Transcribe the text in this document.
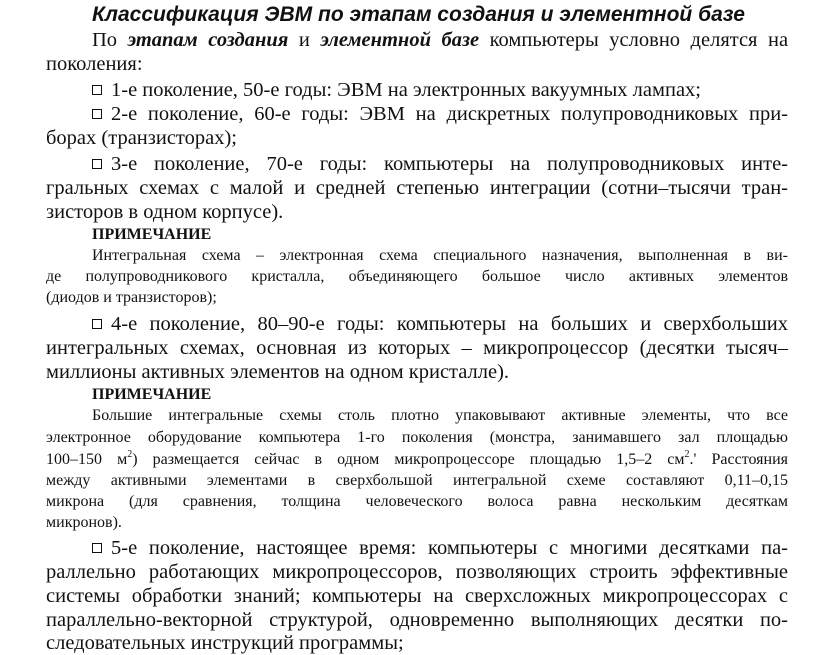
Классификация ЭВМ по этапам создания и элементной базе
По этапам создания и элементной базе компьютеры условно делятся на
поколения:
1-е поколение, 50-е годы: ЭВМ на электронных вакуумных лампах;
2-е поколение, 60-е годы: ЭВМ на дискретных полупроводниковых при-
борах (транзисторах);
3-е поколение, 70-е годы: компьютеры на полупроводниковых инте-
гральных схемах с малой и средней степенью интеграции (сотни–тысячи тран-
зисторов в одном корпусе).
ПРИМЕЧАНИЕ
Интегральная схема – электронная схема специального назначения, выполненная в ви-
де полупроводникового кристалла, объединяющего большое число активных элементов
(диодов и транзисторов);
4-е поколение, 80–90-е годы: компьютеры на больших и сверхбольших
интегральных схемах, основная из которых – микропроцессор (десятки тысяч–
миллионы активных элементов на одном кристалле).
ПРИМЕЧАНИЕ
Большие интегральные схемы столь плотно упаковывают активные элементы, что все
электронное оборудование компьютера 1-го поколения (монстра, занимавшего зал площадью
100–150 $м^2$) размещается сейчас в одном микропроцессоре площадью 1,5–2 $см^2.'$ Расстояния
между активными элементами в сверхбольшой интегральной схеме составляют 0,11–0,15
микрона (для сравнения, толщина человеческого волоса равна нескольким десяткам
микронов).
5-е поколение, настоящее время: компьютеры с многими десятками па-
раллельно работающих микропроцессоров, позволяющих строить эффективные
системы обработки знаний; компьютеры на сверхсложных микропроцессорах с
параллельно-векторной структурой, одновременно выполняющих десятки по-
следовательных инструкций программы;
